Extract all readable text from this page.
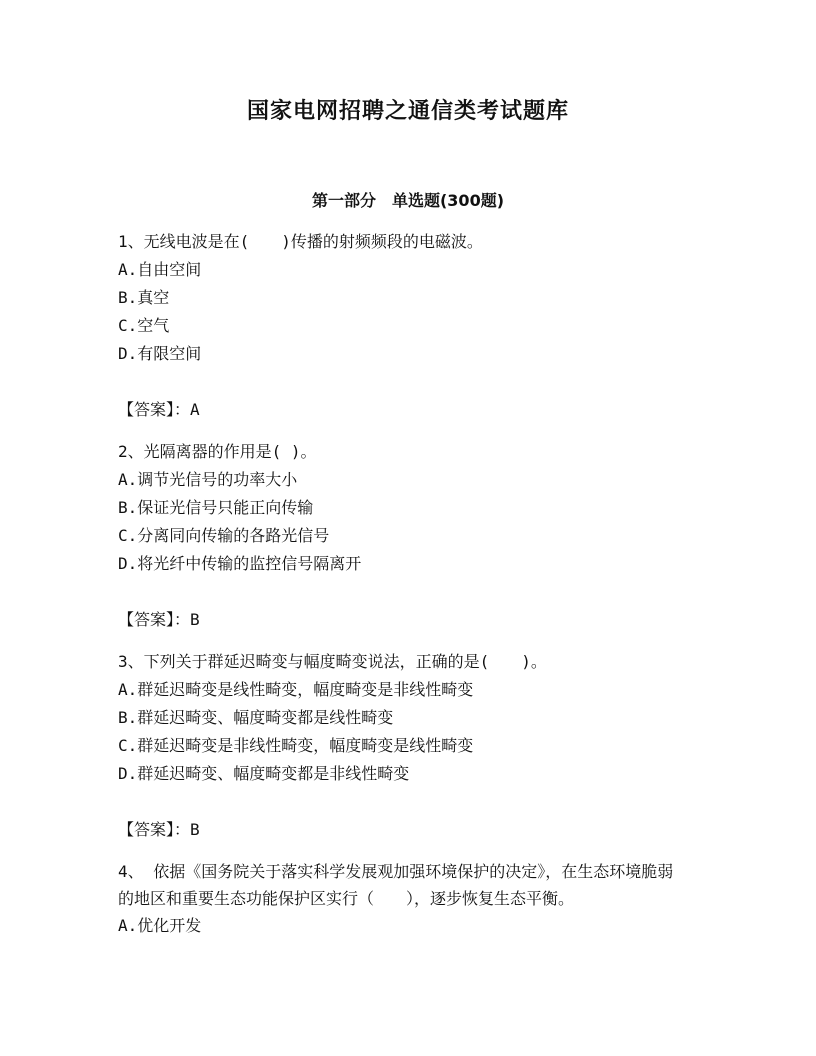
国家电网招聘之通信类考试题库
第一部分　单选题(300题)
1、无线电波是在(　　)传播的射频频段的电磁波。
A.自由空间
B.真空
C.空气
D.有限空间
【答案】：A
2、光隔离器的作用是( )。
A.调节光信号的功率大小
B.保证光信号只能正向传输
C.分离同向传输的各路光信号
D.将光纤中传输的监控信号隔离开
【答案】：B
3、下列关于群延迟畸变与幅度畸变说法，正确的是(　　)。
A.群延迟畸变是线性畸变，幅度畸变是非线性畸变
B.群延迟畸变、幅度畸变都是线性畸变
C.群延迟畸变是非线性畸变，幅度畸变是线性畸变
D.群延迟畸变、幅度畸变都是非线性畸变
【答案】：B
4、 依据《国务院关于落实科学发展观加强环境保护的决定》，在生态环境脆弱的地区和重要生态功能保护区实行（　　），逐步恢复生态平衡。
A.优化开发
